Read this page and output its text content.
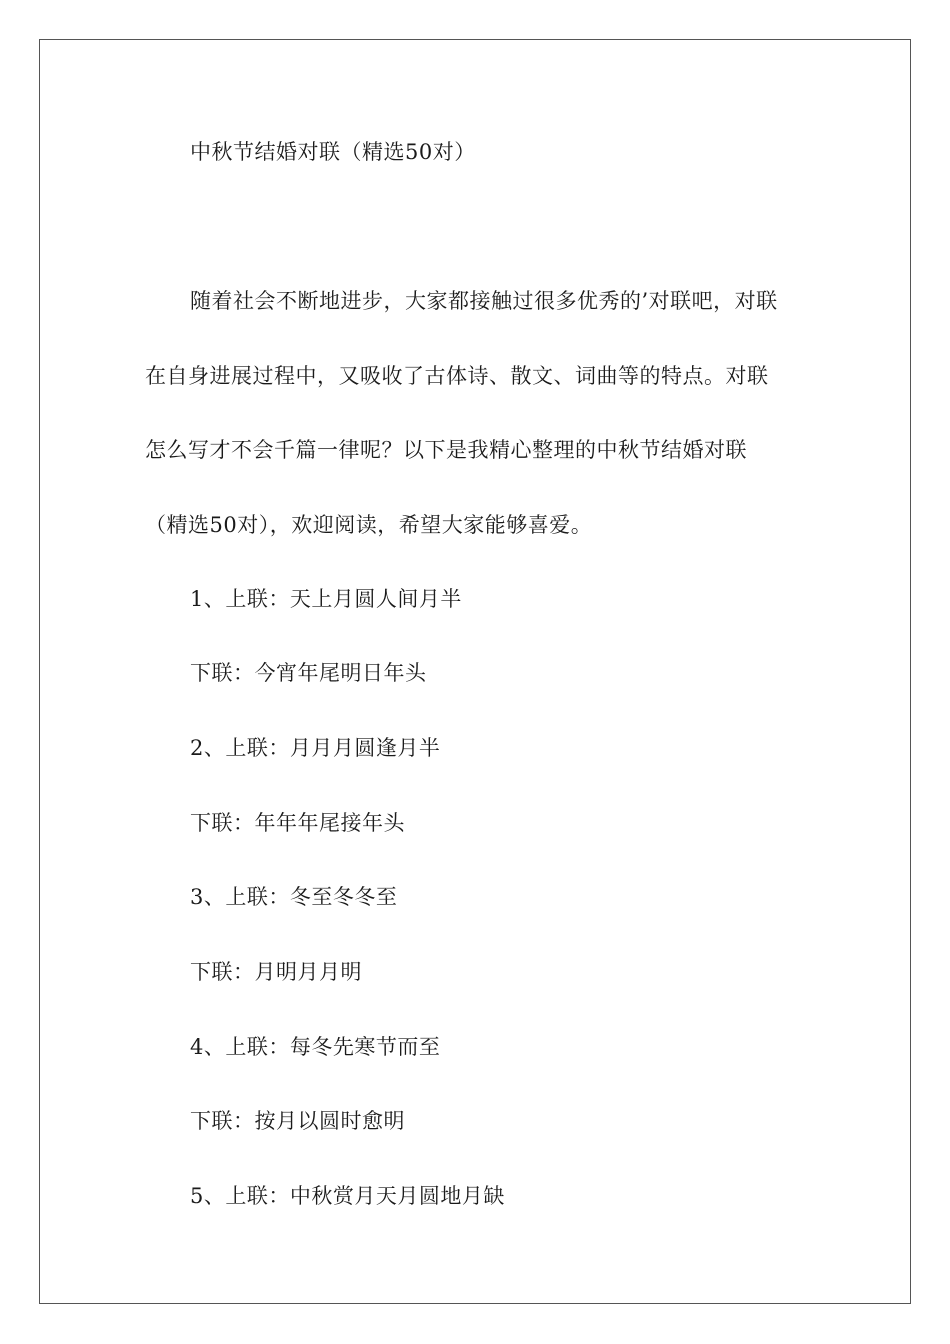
中秋节结婚对联（精选50对）
随着社会不断地进步，大家都接触过很多优秀的’对联吧，对联
在自身进展过程中，又吸收了古体诗、散文、词曲等的特点。对联
怎么写才不会千篇一律呢？以下是我精心整理的中秋节结婚对联
（精选50对），欢迎阅读，希望大家能够喜爱。
1、上联：天上月圆人间月半
下联：今宵年尾明日年头
2、上联：月月月圆逢月半
下联：年年年尾接年头
3、上联：冬至冬冬至
下联：月明月月明
4、上联：每冬先寒节而至
下联：按月以圆时愈明
5、上联：中秋赏月天月圆地月缺
